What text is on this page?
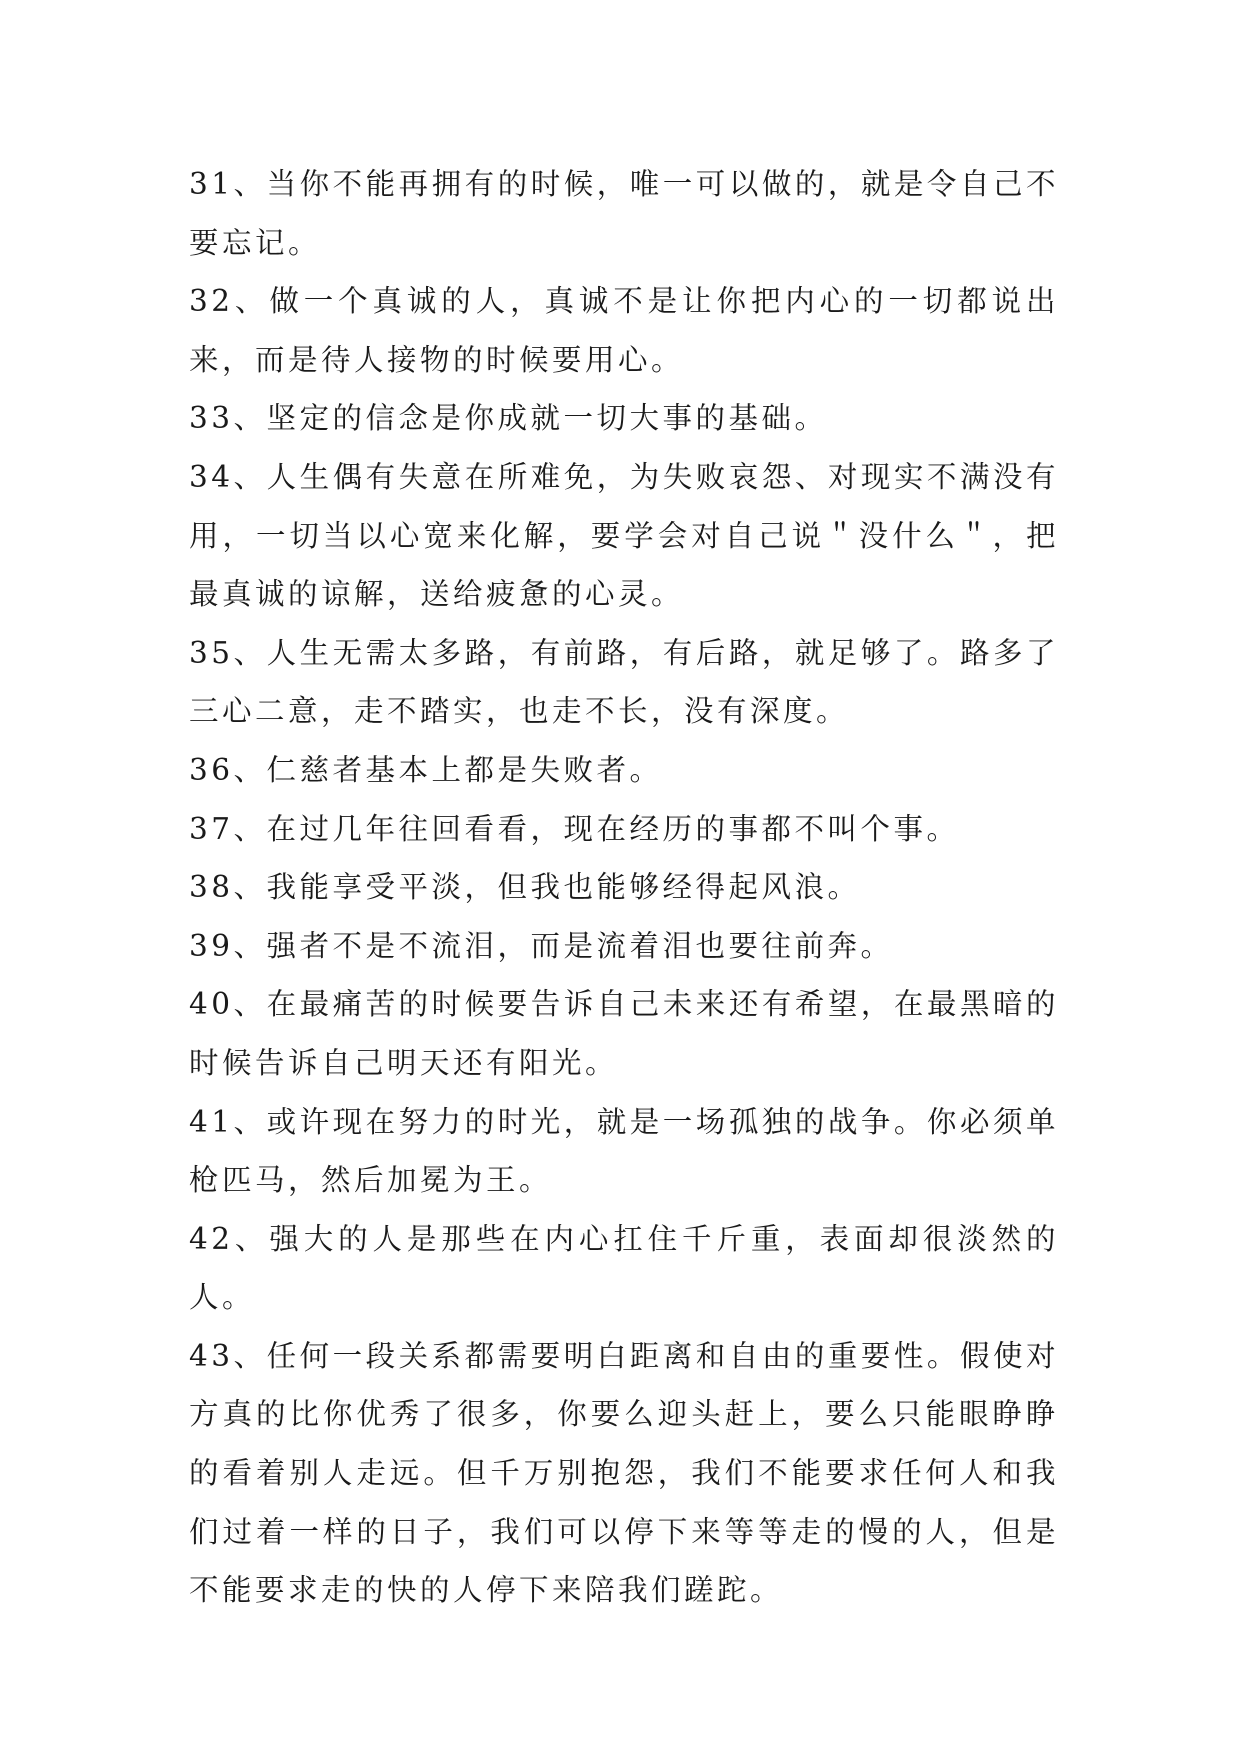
31、当你不能再拥有的时候，唯一可以做的，就是令自己不要忘记。

32、做一个真诚的人，真诚不是让你把内心的一切都说出来，而是待人接物的时候要用心。

33、坚定的信念是你成就一切大事的基础。

34、人生偶有失意在所难免，为失败哀怨、对现实不满没有用，一切当以心宽来化解，要学会对自己说＂没什么＂，把最真诚的谅解，送给疲惫的心灵。

35、人生无需太多路，有前路，有后路，就足够了。路多了三心二意，走不踏实，也走不长，没有深度。

36、仁慈者基本上都是失败者。

37、在过几年往回看看，现在经历的事都不叫个事。

38、我能享受平淡，但我也能够经得起风浪。

39、强者不是不流泪，而是流着泪也要往前奔。

40、在最痛苦的时候要告诉自己未来还有希望，在最黑暗的时候告诉自己明天还有阳光。

41、或许现在努力的时光，就是一场孤独的战争。你必须单枪匹马，然后加冕为王。

42、强大的人是那些在内心扛住千斤重，表面却很淡然的人。

43、任何一段关系都需要明白距离和自由的重要性。假使对方真的比你优秀了很多，你要么迎头赶上，要么只能眼睁睁的看着别人走远。但千万别抱怨，我们不能要求任何人和我们过着一样的日子，我们可以停下来等等走的慢的人，但是不能要求走的快的人停下来陪我们蹉跎。
